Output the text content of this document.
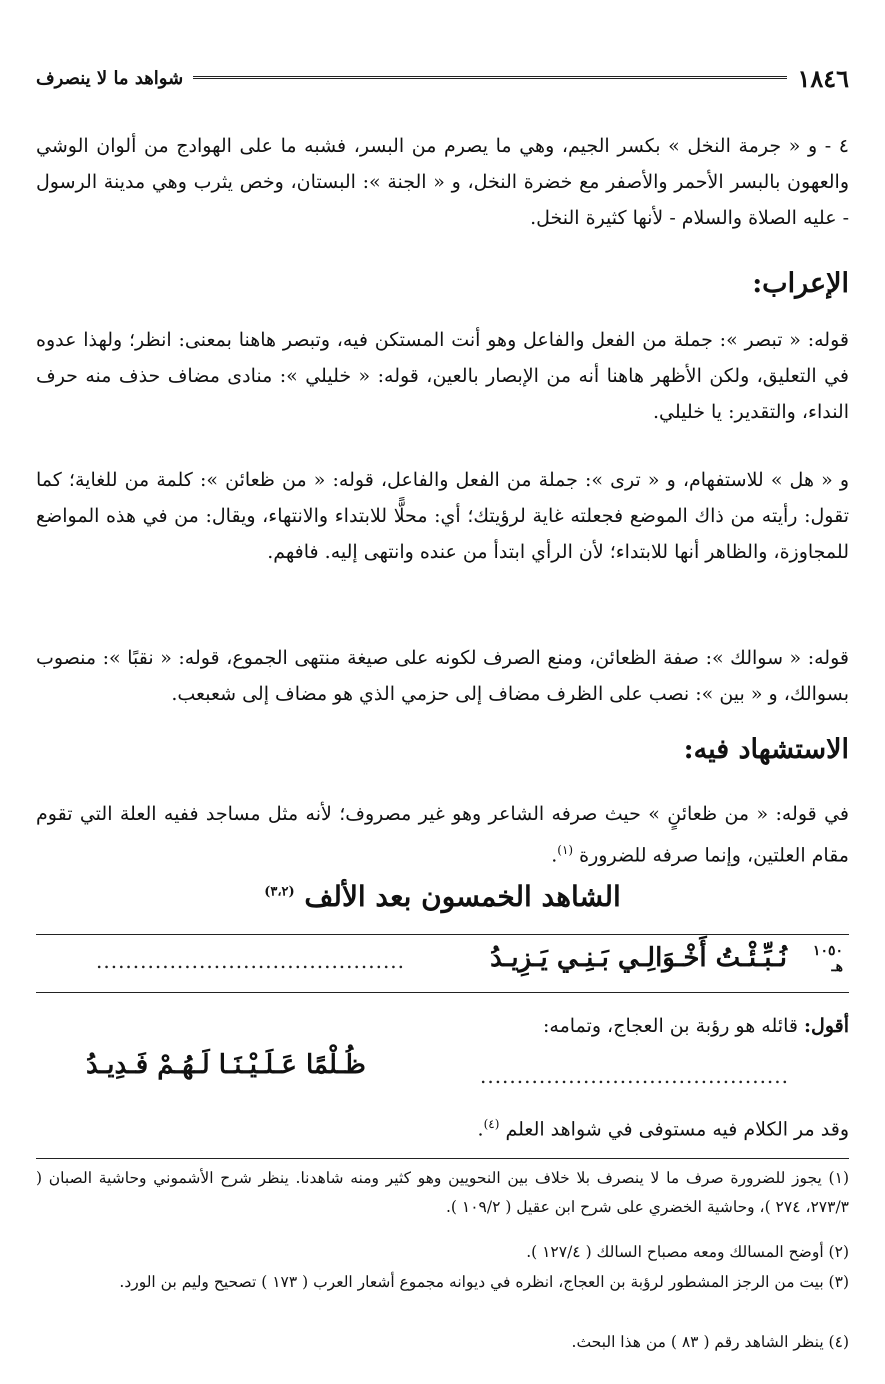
١٨٤٦
شواهد ما لا ينصرف

٤ - و « جرمة النخل » بكسر الجيم، وهي ما يصرم من البسر، فشبه ما على الهوادج من ألوان الوشي والعهون بالبسر الأحمر والأصفر مع خضرة النخل، و « الجنة »: البستان، وخص يثرب وهي مدينة الرسول - عليه الصلاة والسلام - لأنها كثيرة النخل.

الإعراب:

قوله: « تبصر »: جملة من الفعل والفاعل وهو أنت المستكن فيه، وتبصر هاهنا بمعنى: انظر؛ ولهذا عدوه في التعليق، ولكن الأظهر هاهنا أنه من الإبصار بالعين، قوله: « خليلي »: منادى مضاف حذف منه حرف النداء، والتقدير: يا خليلي.

و « هل » للاستفهام، و « ترى »: جملة من الفعل والفاعل، قوله: « من ظعائن »: كلمة من للغاية؛ كما تقول: رأيته من ذاك الموضع فجعلته غاية لرؤيتك؛ أي: محلًّا للابتداء والانتهاء، ويقال: من في هذه المواضع للمجاوزة، والظاهر أنها للابتداء؛ لأن الرأي ابتدأ من عنده وانتهى إليه. فافهم.

قوله: « سوالك »: صفة الظعائن، ومنع الصرف لكونه على صيغة منتهى الجموع، قوله: « نقبًا »: منصوب بسوالك، و « بين »: نصب على الظرف مضاف إلى حزمي الذي هو مضاف إلى شعبعب.

الاستشهاد فيه:

في قوله: « من ظعائنٍ » حيث صرفه الشاعر وهو غير مصروف؛ لأنه مثل مساجد ففيه العلة التي تقوم مقام العلتين، وإنما صرفه للضرورة $^{(١)}$.

الشاهد الخمسون بعد الألف $^{(٣،٢)}$
١٠٥٠
هـ
نُـبِّـئْـتُ أَخْـوَالِـي بَـنِـي يَـزِيـدُ
..........................................

أقول: قائله هو رؤبة بن العجاج، وتمامه:

..........................................
ظُـلْمًا عَـلَـيْـنَـا لَـهُـمْ فَـدِيـدُ

وقد مر الكلام فيه مستوفى في شواهد العلم $^{(٤)}$.

(١) يجوز للضرورة صرف ما لا ينصرف بلا خلاف بين النحويين وهو كثير ومنه شاهدنا. ينظر شرح الأشموني وحاشية الصبان ( ٢٧٣/٣، ٢٧٤ )، وحاشية الخضري على شرح ابن عقيل ( ١٠٩/٢ ).

(٢) أوضح المسالك ومعه مصباح السالك ( ١٢٧/٤ ).

(٣) بيت من الرجز المشطور لرؤبة بن العجاج، انظره في ديوانه مجموع أشعار العرب ( ١٧٣ ) تصحيح وليم بن الورد.

(٤) ينظر الشاهد رقم ( ٨٣ ) من هذا البحث.
